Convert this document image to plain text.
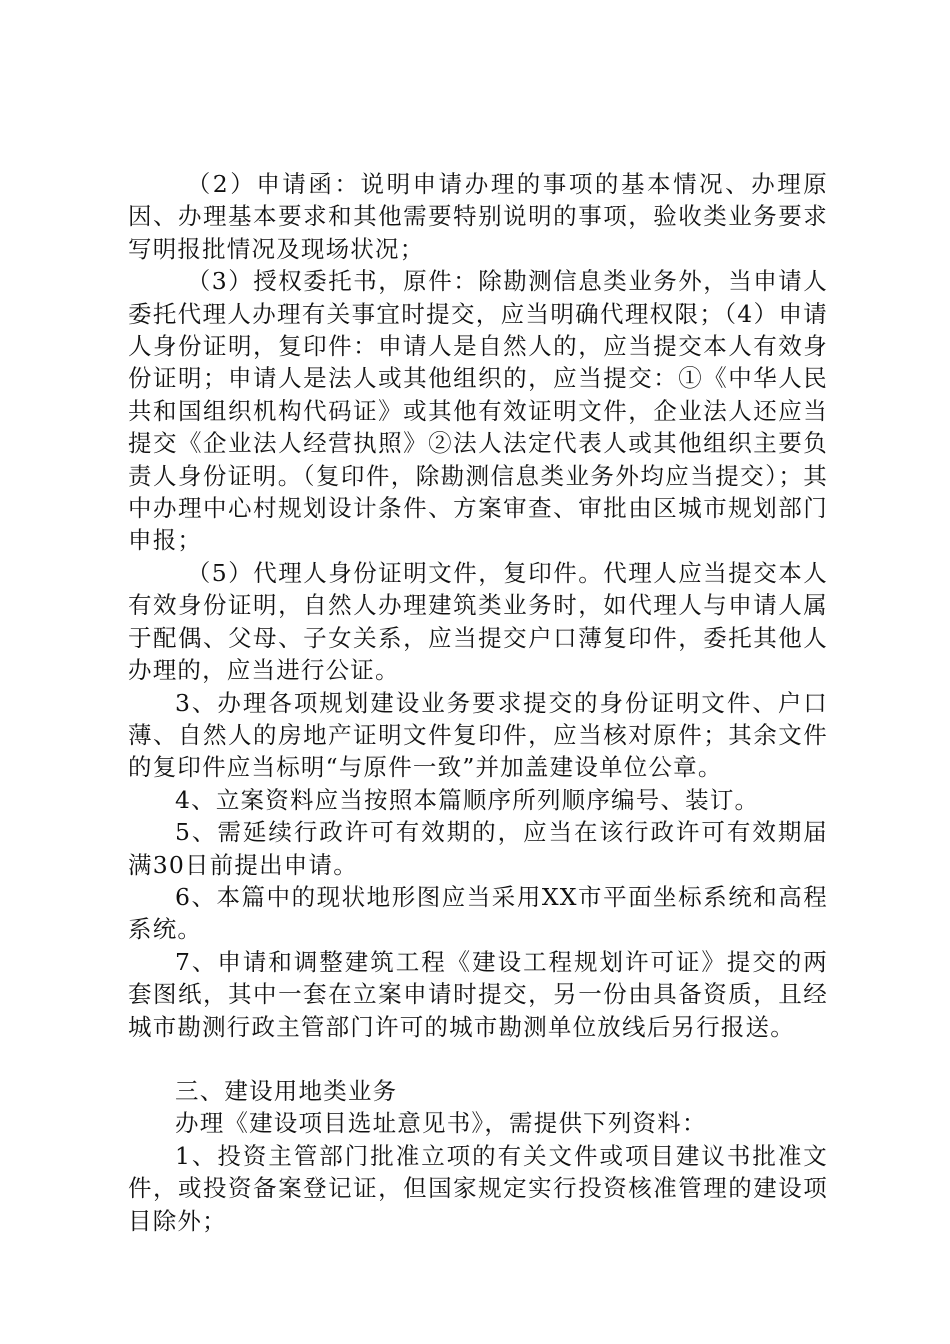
（2）申请函：说明申请办理的事项的基本情况、办理原因、办理基本要求和其他需要特别说明的事项，验收类业务要求写明报批情况及现场状况；

（3）授权委托书，原件：除勘测信息类业务外，当申请人委托代理人办理有关事宜时提交，应当明确代理权限；（4）申请人身份证明，复印件：申请人是自然人的，应当提交本人有效身份证明；申请人是法人或其他组织的，应当提交：①《中华人民共和国组织机构代码证》或其他有效证明文件，企业法人还应当提交《企业法人经营执照》②法人法定代表人或其他组织主要负责人身份证明。（复印件，除勘测信息类业务外均应当提交）；其中办理中心村规划设计条件、方案审查、审批由区城市规划部门申报；

（5）代理人身份证明文件，复印件。代理人应当提交本人有效身份证明，自然人办理建筑类业务时，如代理人与申请人属于配偶、父母、子女关系，应当提交户口薄复印件，委托其他人办理的，应当进行公证。

3、办理各项规划建设业务要求提交的身份证明文件、户口薄、自然人的房地产证明文件复印件，应当核对原件；其余文件的复印件应当标明“与原件一致”并加盖建设单位公章。

4、立案资料应当按照本篇顺序所列顺序编号、装订。

5、需延续行政许可有效期的，应当在该行政许可有效期届满30日前提出申请。

6、本篇中的现状地形图应当采用XX市平面坐标系统和高程系统。

7、申请和调整建筑工程《建设工程规划许可证》提交的两套图纸，其中一套在立案申请时提交，另一份由具备资质，且经城市勘测行政主管部门许可的城市勘测单位放线后另行报送。

三、建设用地类业务

办理《建设项目选址意见书》，需提供下列资料：

1、投资主管部门批准立项的有关文件或项目建议书批准文件，或投资备案登记证，但国家规定实行投资核准管理的建设项目除外；
